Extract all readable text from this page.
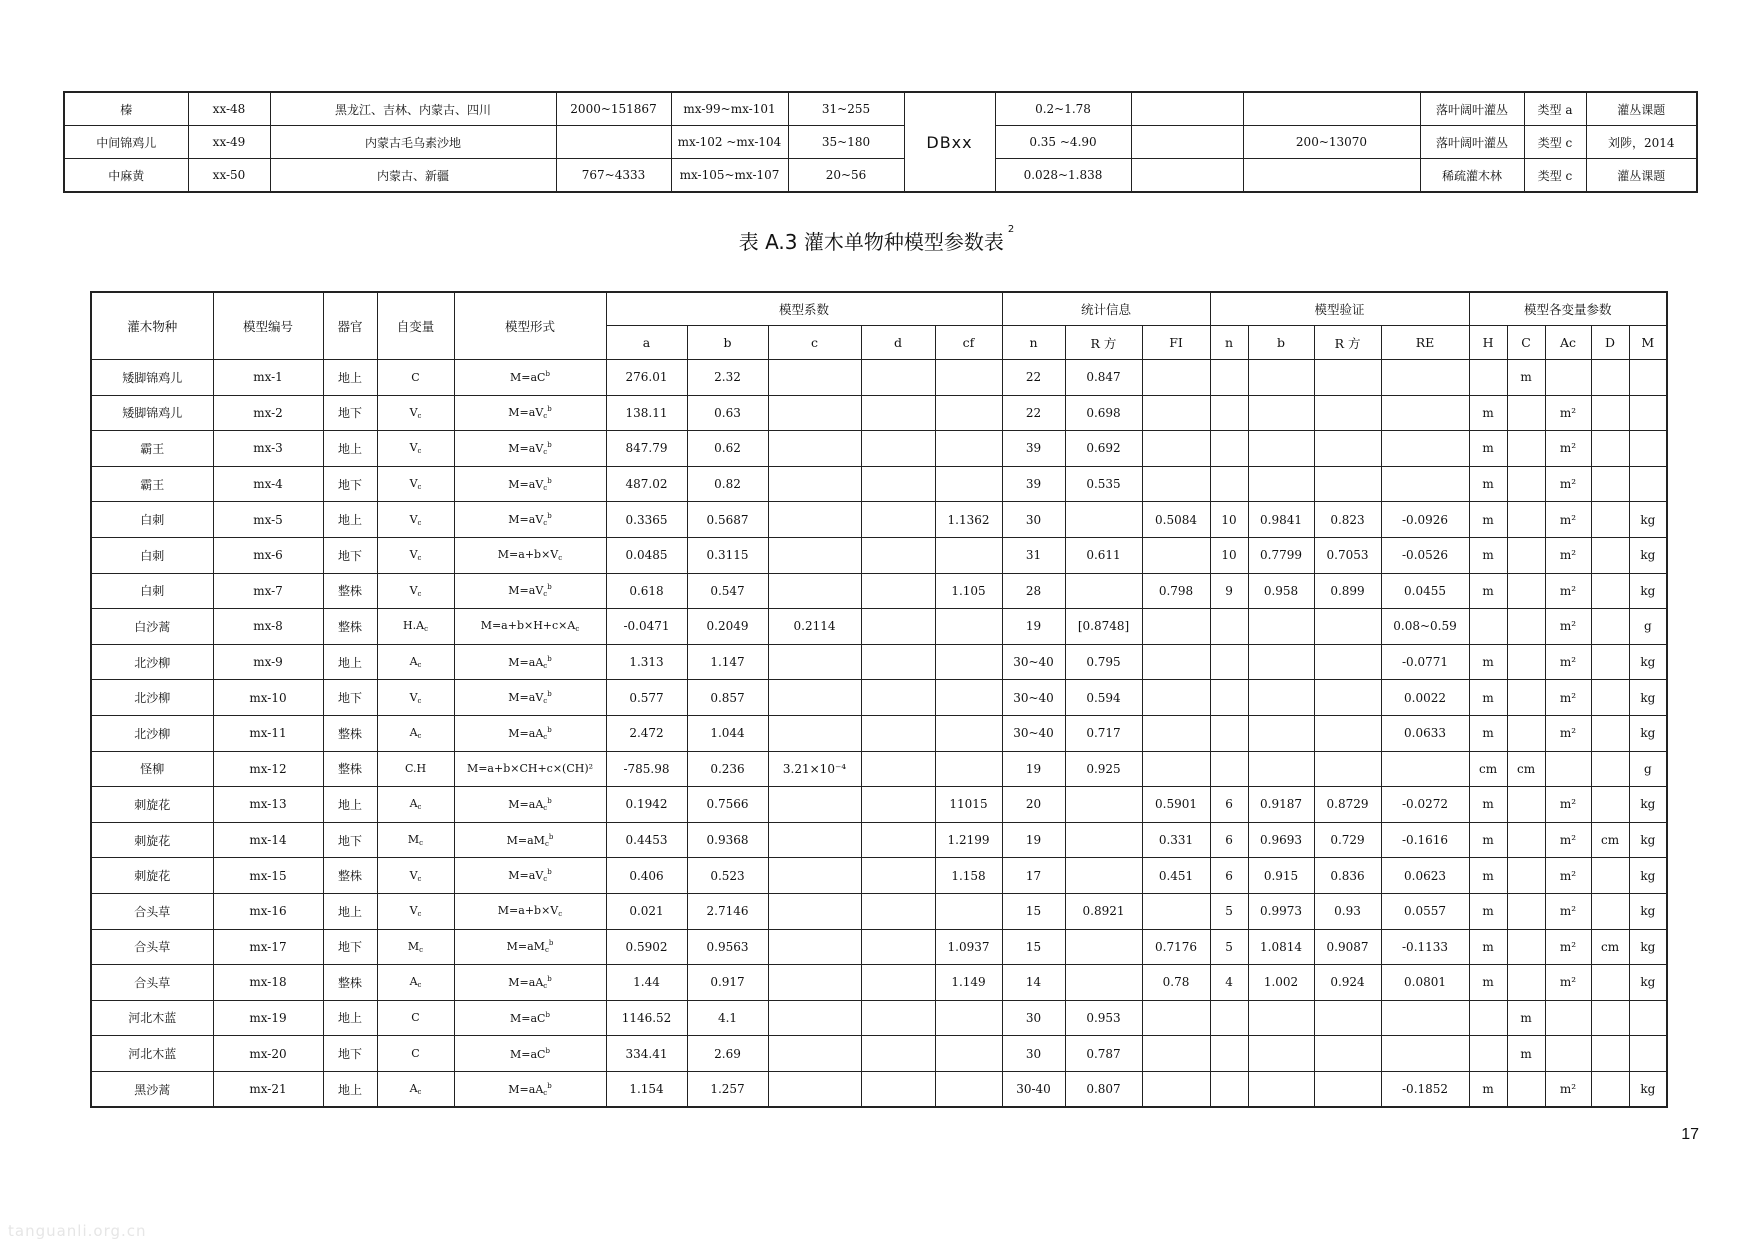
榛	xx-48	黑龙江、吉林、内蒙古、四川	2000~151867	mx-99~mx-101	31~255	DBxx	0.2~1.78			落叶阔叶灌丛	类型 a	灌丛课题
中间锦鸡儿	xx-49	内蒙古毛乌素沙地		mx-102 ~mx-104	35~180		0.35 ~4.90		200~13070	落叶阔叶灌丛	类型 c	刘陟，2014
中麻黄	xx-50	内蒙古、新疆	767~4333	mx-105~mx-107	20~56		0.028~1.838			稀疏灌木林	类型 c	灌丛课题
表 A.3 灌木单物种模型参数表$^2$
灌木物种	模型编号	器官	自变量	模型形式	模型系数					统计信息			模型验证				模型各变量参数				
					a	b	c	d	cf	n	R 方	FI	n	b	R 方	RE	H	C	Ac	D	M
矮脚锦鸡儿	mx-1	地上	C	$M=aC^b$	276.01	2.32				22	0.847							m			
矮脚锦鸡儿	mx-2	地下	$V_c$	$M=aV_c^b$	138.11	0.63				22	0.698						m		m²		
霸王	mx-3	地上	$V_c$	$M=aV_c^b$	847.79	0.62				39	0.692						m		m²		
霸王	mx-4	地下	$V_c$	$M=aV_c^b$	487.02	0.82				39	0.535						m		m²		
白刺	mx-5	地上	$V_c$	$M=aV_c^b$	0.3365	0.5687			1.1362	30		0.5084	10	0.9841	0.823	-0.0926	m		m²		kg
白刺	mx-6	地下	$V_c$	$M=a+b\times V_c$	0.0485	0.3115				31	0.611		10	0.7799	0.7053	-0.0526	m		m²		kg
白刺	mx-7	整株	$V_c$	$M=aV_c^b$	0.618	0.547			1.105	28		0.798	9	0.958	0.899	0.0455	m		m²		kg
白沙蒿	mx-8	整株	$H.A_c$	$M=a+b\times H+c\times A_c$	-0.0471	0.2049	0.2114			19	[0.8748]					0.08~0.59			m²		g
北沙柳	mx-9	地上	$A_c$	$M=aA_c^b$	1.313	1.147				30~40	0.795					-0.0771	m		m²		kg
北沙柳	mx-10	地下	$V_c$	$M=aV_c^b$	0.577	0.857				30~40	0.594					0.0022	m		m²		kg
北沙柳	mx-11	整株	$A_c$	$M=aA_c^b$	2.472	1.044				30~40	0.717					0.0633	m		m²		kg
怪柳	mx-12	整株	C.H	M=a+b×CH+c×(CH)²	-785.98	0.236	3.21×10⁻⁴			19	0.925						cm	cm			g
刺旋花	mx-13	地上	$A_c$	$M=aA_c^b$	0.1942	0.7566			11015	20		0.5901	6	0.9187	0.8729	-0.0272	m		m²		kg
刺旋花	mx-14	地下	$M_c$	$M=aM_c^b$	0.4453	0.9368			1.2199	19		0.331	6	0.9693	0.729	-0.1616	m		m²	cm	kg
刺旋花	mx-15	整株	$V_c$	$M=aV_c^b$	0.406	0.523			1.158	17		0.451	6	0.915	0.836	0.0623	m		m²		kg
合头草	mx-16	地上	$V_c$	$M=a+b\times V_c$	0.021	2.7146				15	0.8921		5	0.9973	0.93	0.0557	m		m²		kg
合头草	mx-17	地下	$M_c$	$M=aM_c^b$	0.5902	0.9563			1.0937	15		0.7176	5	1.0814	0.9087	-0.1133	m		m²	cm	kg
合头草	mx-18	整株	$A_c$	$M=aA_c^b$	1.44	0.917			1.149	14		0.78	4	1.002	0.924	0.0801	m		m²		kg
河北木蓝	mx-19	地上	C	$M=aC^b$	1146.52	4.1				30	0.953							m			
河北木蓝	mx-20	地下	C	$M=aC^b$	334.41	2.69				30	0.787							m			
黑沙蒿	mx-21	地上	$A_c$	$M=aA_c^b$	1.154	1.257				30-40	0.807					-0.1852	m		m²		kg
17
tanguanli.org.cn
